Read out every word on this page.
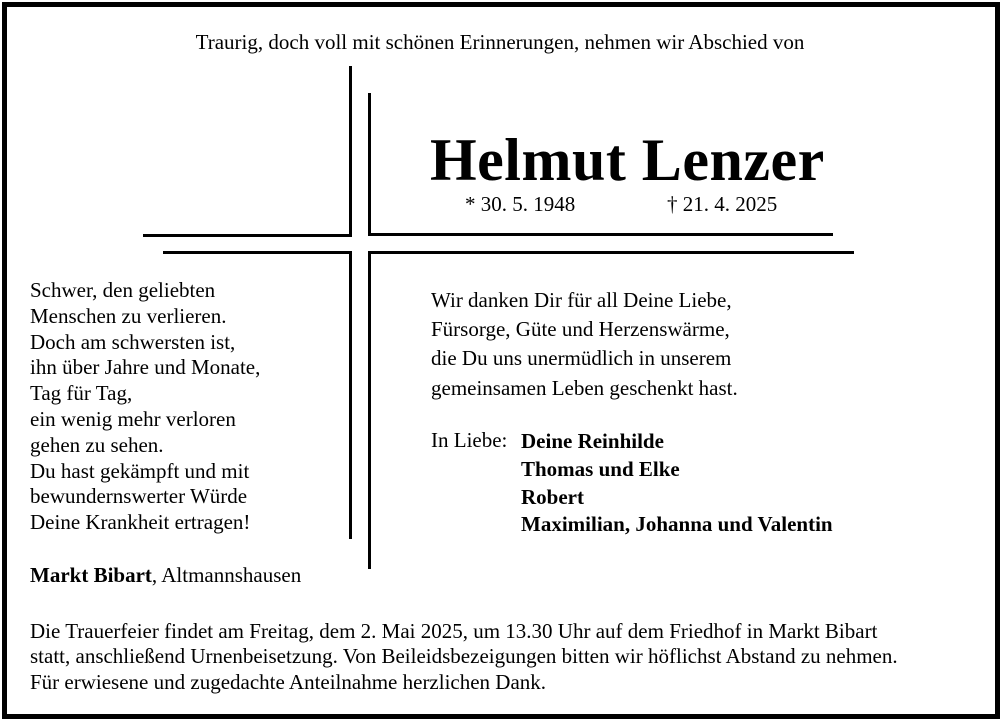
Traurig, doch voll mit schönen Erinnerungen, nehmen wir Abschied von

Helmut Lenzer
* 30. 5. 1948	† 21. 4. 2025
Schwer, den geliebten
Menschen zu verlieren.
Doch am schwersten ist,
ihn über Jahre und Monate,
Tag für Tag,
ein wenig mehr verloren
gehen zu sehen.
Du hast gekämpft und mit
bewundernswerter Würde
Deine Krankheit ertragen!
Markt Bibart, Altmannshausen
Wir danken Dir für all Deine Liebe,
Fürsorge, Güte und Herzenswärme,
die Du uns unermüdlich in unserem
gemeinsamen Leben geschenkt hast.
In Liebe: Deine Reinhilde
Thomas und Elke
Robert
Maximilian, Johanna und Valentin
Die Trauerfeier findet am Freitag, dem 2. Mai 2025, um 13.30 Uhr auf dem Friedhof in Markt Bibart
statt, anschließend Urnenbeisetzung. Von Beileidsbezeigungen bitten wir höflichst Abstand zu nehmen.
Für erwiesene und zugedachte Anteilnahme herzlichen Dank.
